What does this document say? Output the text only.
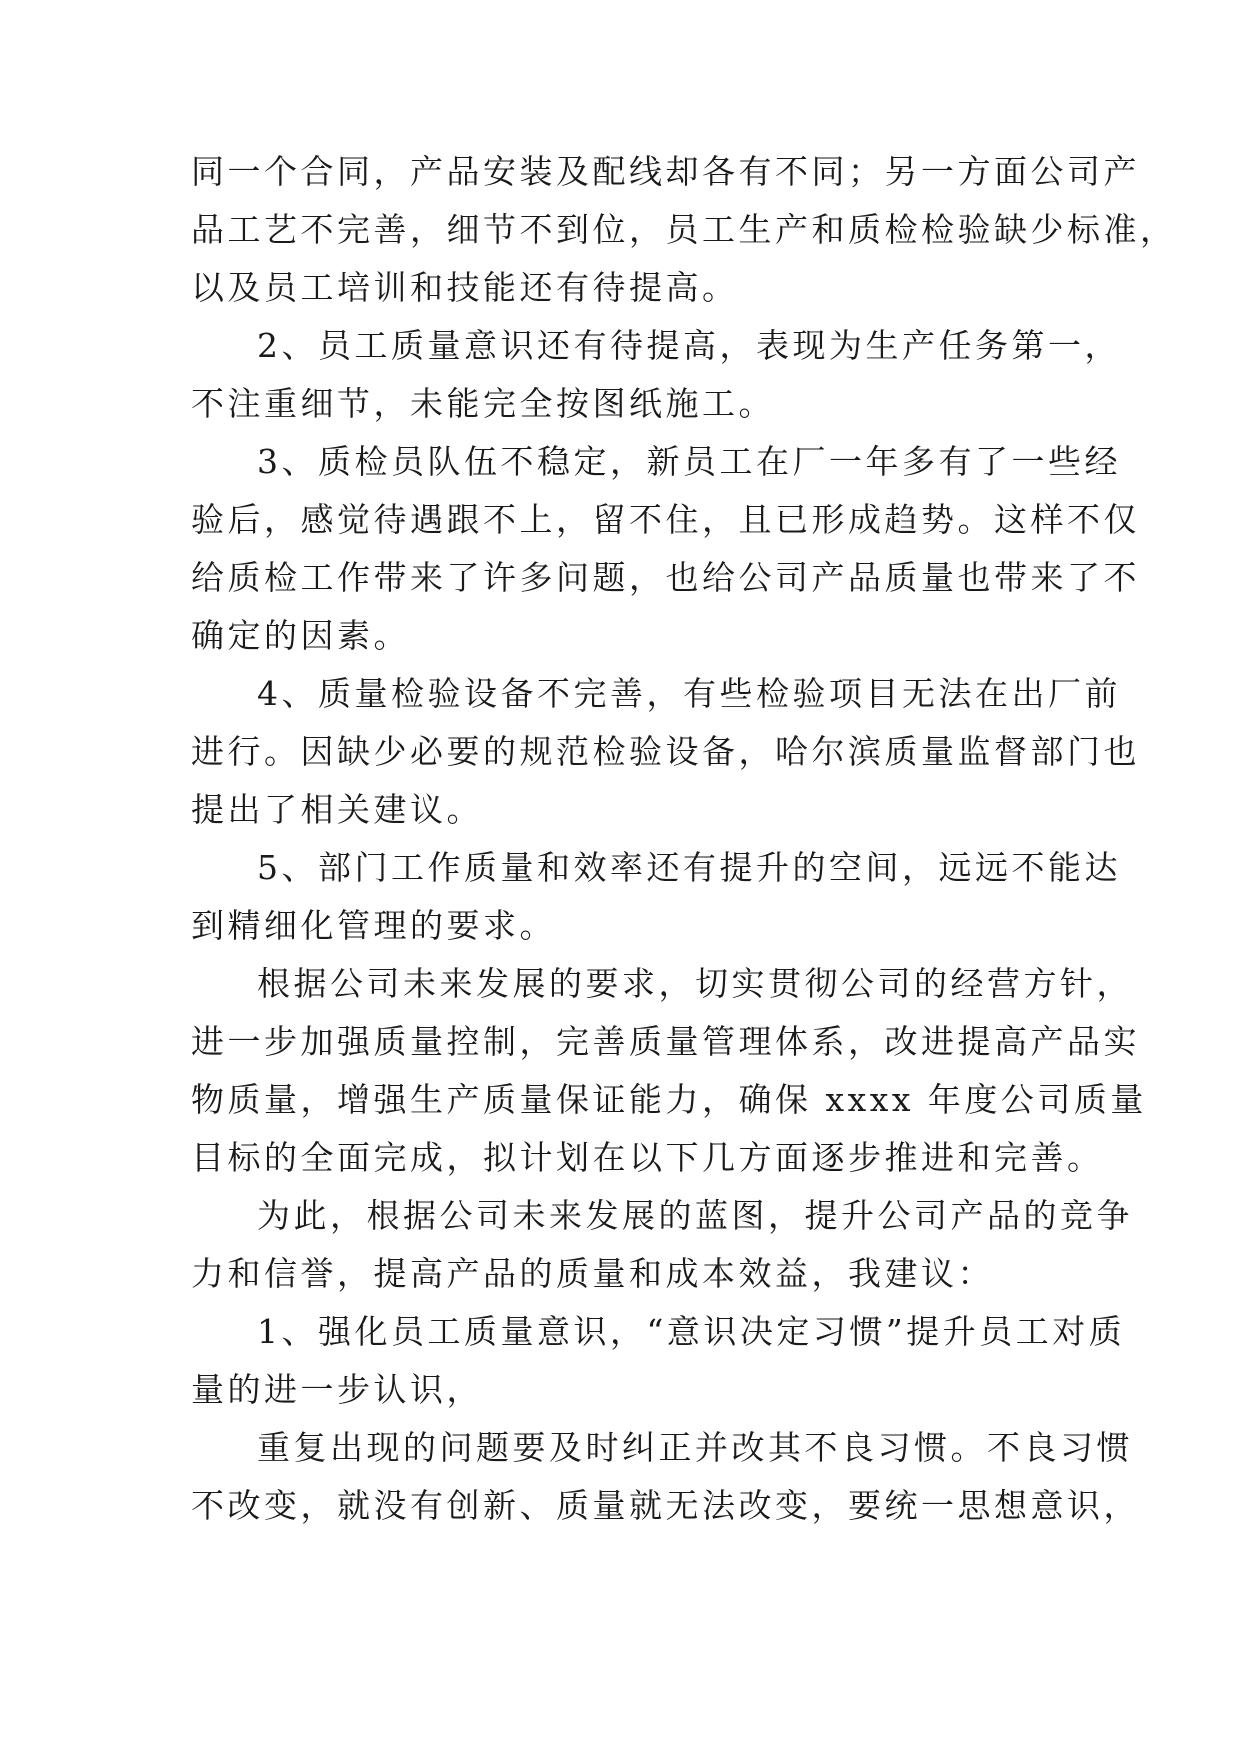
同一个合同，产品安装及配线却各有不同；另一方面公司产
品工艺不完善，细节不到位，员工生产和质检检验缺少标准，
以及员工培训和技能还有待提高。
2、员工质量意识还有待提高，表现为生产任务第一，
不注重细节，未能完全按图纸施工。
3、质检员队伍不稳定，新员工在厂一年多有了一些经
验后，感觉待遇跟不上，留不住，且已形成趋势。这样不仅
给质检工作带来了许多问题，也给公司产品质量也带来了不
确定的因素。
4、质量检验设备不完善，有些检验项目无法在出厂前
进行。因缺少必要的规范检验设备，哈尔滨质量监督部门也
提出了相关建议。
5、部门工作质量和效率还有提升的空间，远远不能达
到精细化管理的要求。
根据公司未来发展的要求，切实贯彻公司的经营方针，
进一步加强质量控制，完善质量管理体系，改进提高产品实
物质量，增强生产质量保证能力，确保 xxxx 年度公司质量
目标的全面完成，拟计划在以下几方面逐步推进和完善。
为此，根据公司未来发展的蓝图，提升公司产品的竞争
力和信誉，提高产品的质量和成本效益，我建议：
1、强化员工质量意识，“意识决定习惯”提升员工对质
量的进一步认识，
重复出现的问题要及时纠正并改其不良习惯。不良习惯
不改变，就没有创新、质量就无法改变，要统一思想意识，
